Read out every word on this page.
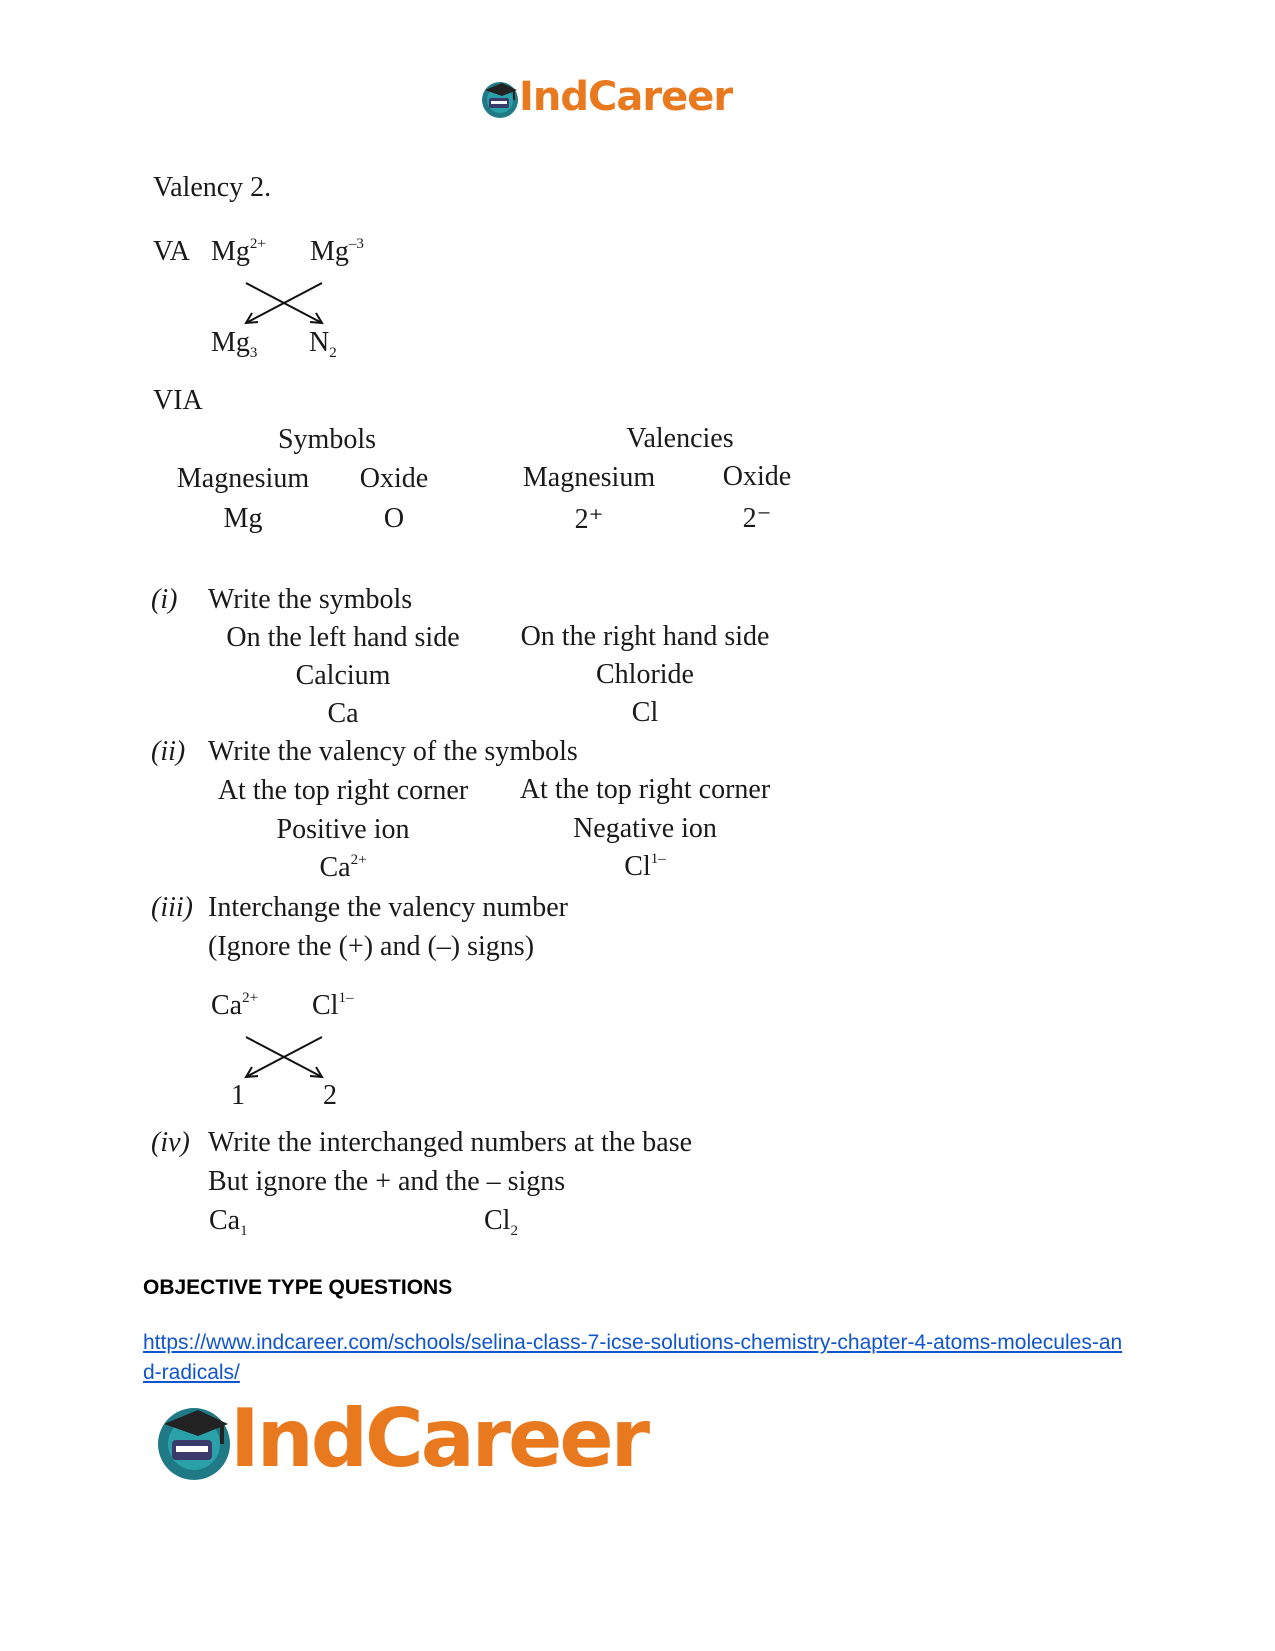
IndCareer
Valency 2.
VA $Mg^{2+}$ $Mg^{-3}$
$Mg_3$ $N_2$
VIA
Symbols	Valencies
Magnesium Oxide	Magnesium Oxide
Mg	O	2⁺	2⁻
(i) Write the symbols
On the left hand side On the right hand side
Calcium	Chloride
Ca	Cl
(ii) Write the valency of the symbols
At the top right corner At the top right corner
Positive ion	Negative ion
$Ca^{2+}$	$Cl^{1-}$
(iii) Interchange the valency number
(Ignore the (+) and (–) signs)
$Ca^{2+}$ $Cl^{1-}$
1	2
(iv) Write the interchanged numbers at the base
But ignore the + and the – signs
$Ca_1$	$Cl_2$
OBJECTIVE TYPE QUESTIONS
https://www.indcareer.com/schools/selina-class-7-icse-solutions-chemistry-chapter-4-atoms-molecules-and-radicals/
IndCareer
